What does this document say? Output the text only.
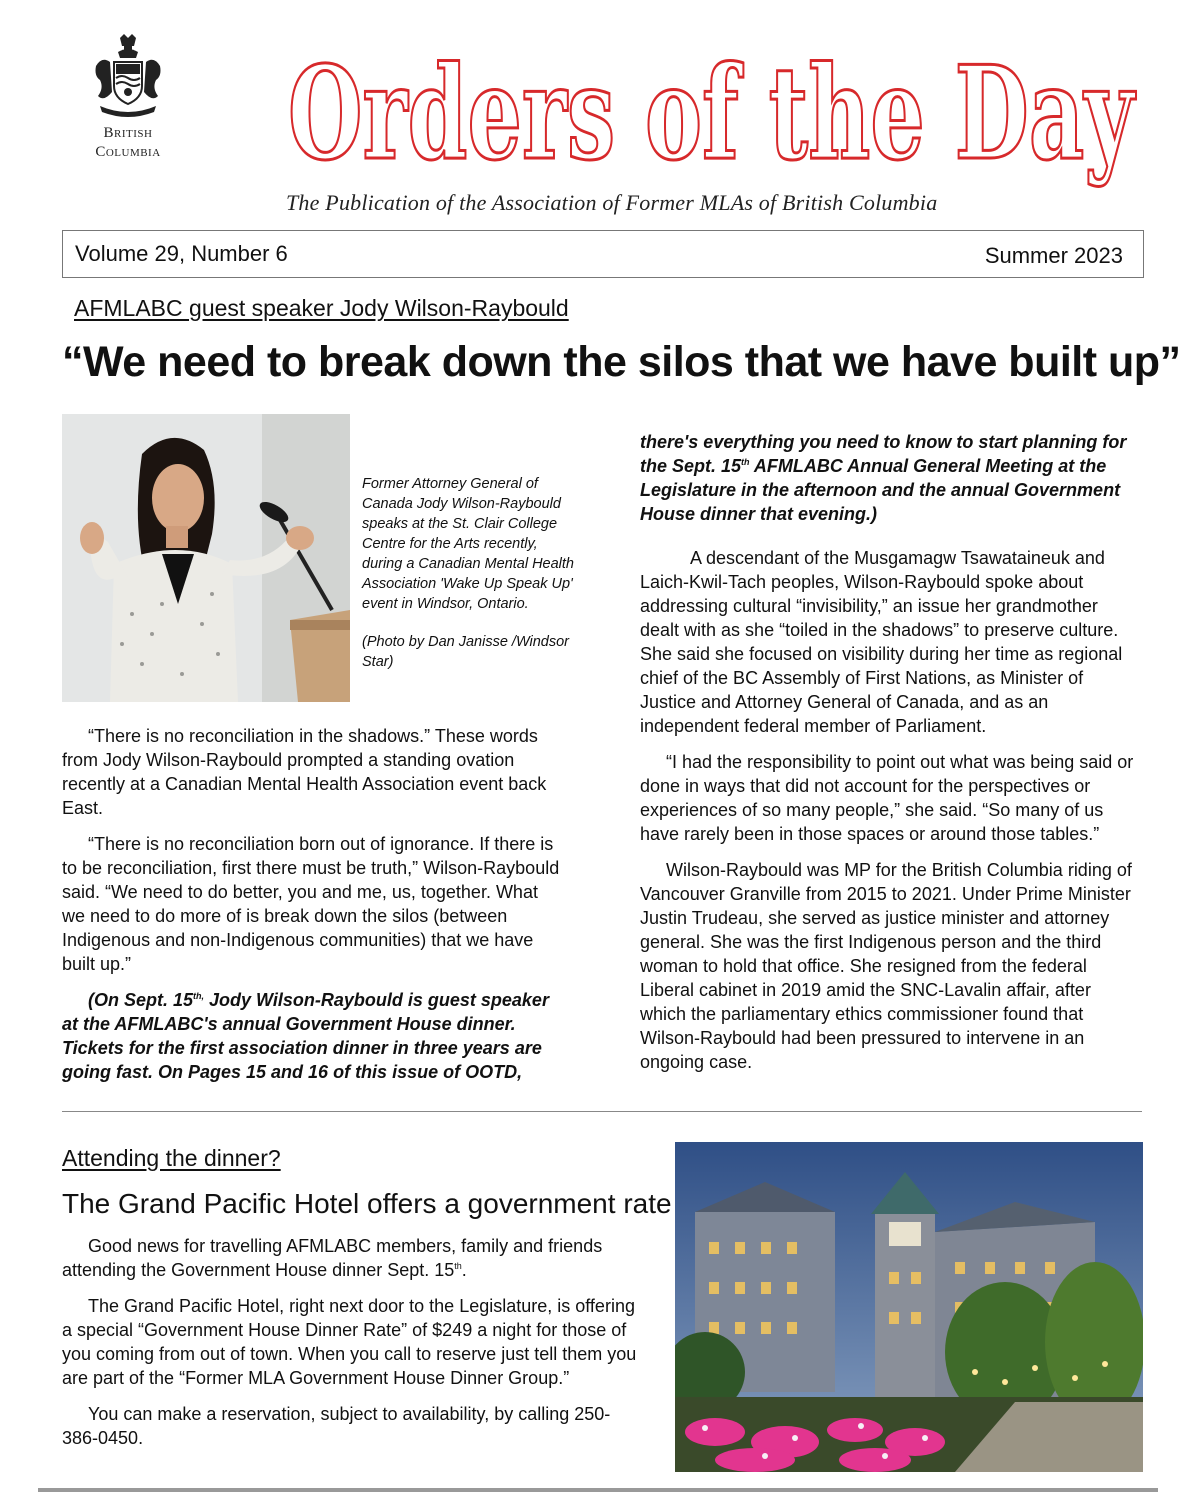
British
Columbia Orders of the Day
The Publication of the Association of Former MLAs of British Columbia
Volume 29, Number 6	Summer 2023
AFMLABC guest speaker Jody Wilson-Raybould
“We need to break down the silos that we have built up”

Former Attorney General of Canada Jody Wilson-Raybould speaks at the St. Clair College Centre for the Arts recently, during a Canadian Mental Health Association 'Wake Up Speak Up' event in Windsor, Ontario.

(Photo by Dan Janisse /Windsor Star)

“There is no reconciliation in the shadows.” These words from Jody Wilson-Raybould prompted a standing ovation recently at a Canadian Mental Health Association event back East.

“There is no reconciliation born out of ignorance. If there is to be reconciliation, first there must be truth,” Wilson-Raybould said. “We need to do better, you and me, us, together. What we need to do more of is break down the silos (between Indigenous and non-Indigenous communities) that we have built up.”

(On Sept. $15^{th,}$ Jody Wilson-Raybould is guest speaker at the AFMLABC's annual Government House dinner. Tickets for the first association dinner in three years are going fast. On Pages 15 and 16 of this issue of OOTD,

there's everything you need to know to start planning for the Sept. 15th AFMLABC Annual General Meeting at the Legislature in the afternoon and the annual Government House dinner that evening.)

A descendant of the Musgamagw Tsawataineuk and Laich-Kwil-Tach peoples, Wilson-Raybould spoke about addressing cultural “invisibility,” an issue her grandmother dealt with as she “toiled in the shadows” to preserve culture. She said she focused on visibility during her time as regional chief of the BC Assembly of First Nations, as Minister of Justice and Attorney General of Canada, and as an independent federal member of Parliament.

“I had the responsibility to point out what was being said or done in ways that did not account for the perspectives or experiences of so many people,” she said. “So many of us have rarely been in those spaces or around those tables.”

Wilson-Raybould was MP for the British Columbia riding of Vancouver Granville from 2015 to 2021. Under Prime Minister Justin Trudeau, she served as justice minister and attorney general. She was the first Indigenous person and the third woman to hold that office. She resigned from the federal Liberal cabinet in 2019 amid the SNC-Lavalin affair, after which the parliamentary ethics commissioner found that Wilson-Raybould had been pressured to intervene in an ongoing case.

Attending the dinner?
The Grand Pacific Hotel offers a government rate

Good news for travelling AFMLABC members, family and friends attending the Government House dinner Sept. 15th.

The Grand Pacific Hotel, right next door to the Legislature, is offering a special “Government House Dinner Rate” of $249 a night for those of you coming from out of town. When you call to reserve just tell them you are part of the “Former MLA Government House Dinner Group.”

You can make a reservation, subject to availability, by calling 250-386-0450.
